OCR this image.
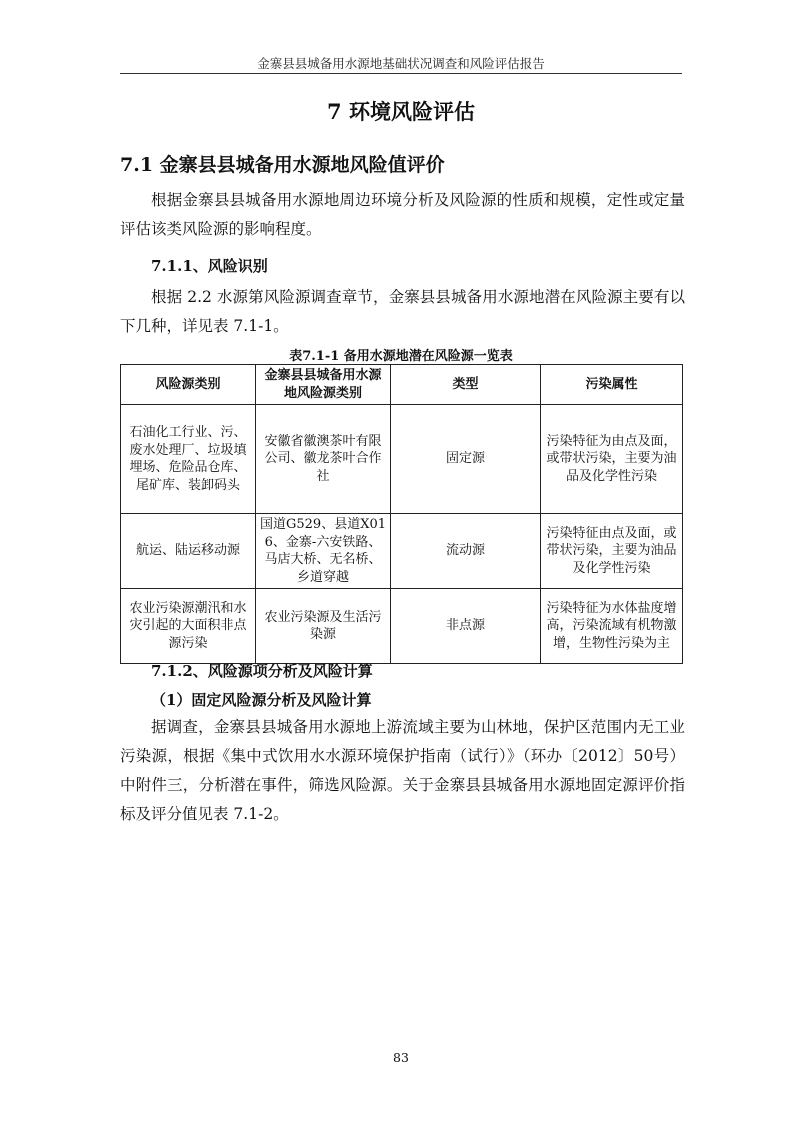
金寨县县城备用水源地基础状况调查和风险评估报告
7 环境风险评估
7.1 金寨县县城备用水源地风险值评价

根据金寨县县城备用水源地周边环境分析及风险源的性质和规模，定性或定量评估该类风险源的影响程度。

7.1.1、风险识别

根据 2.2 水源第风险源调查章节，金寨县县城备用水源地潜在风险源主要有以下几种，详见表 7.1-1。

表7.1-1 备用水源地潜在风险源一览表
风险源类别	金寨县县城备用水源地风险源类别	类型	污染属性
石油化工行业、污、废水处理厂、垃圾填埋场、危险品仓库、尾矿库、装卸码头	安徽省徽澳茶叶有限公司、徽龙茶叶合作社	固定源	污染特征为由点及面，或带状污染，主要为油品及化学性污染
航运、陆运移动源	国道G529、县道X016、金寨-六安铁路、马店大桥、无名桥、乡道穿越	流动源	污染特征由点及面，或带状污染，主要为油品及化学性污染
农业污染源潮汛和水灾引起的大面积非点源污染	农业污染源及生活污染源	非点源	污染特征为水体盐度增高，污染流域有机物激增，生物性污染为主
7.1.2、风险源项分析及风险计算
（1）固定风险源分析及风险计算

据调查，金寨县县城备用水源地上游流域主要为山林地，保护区范围内无工业污染源，根据《集中式饮用水水源环境保护指南（试行）》（环办〔2012〕50号）中附件三，分析潜在事件，筛选风险源。关于金寨县县城备用水源地固定源评价指标及评分值见表 7.1-2。

83
